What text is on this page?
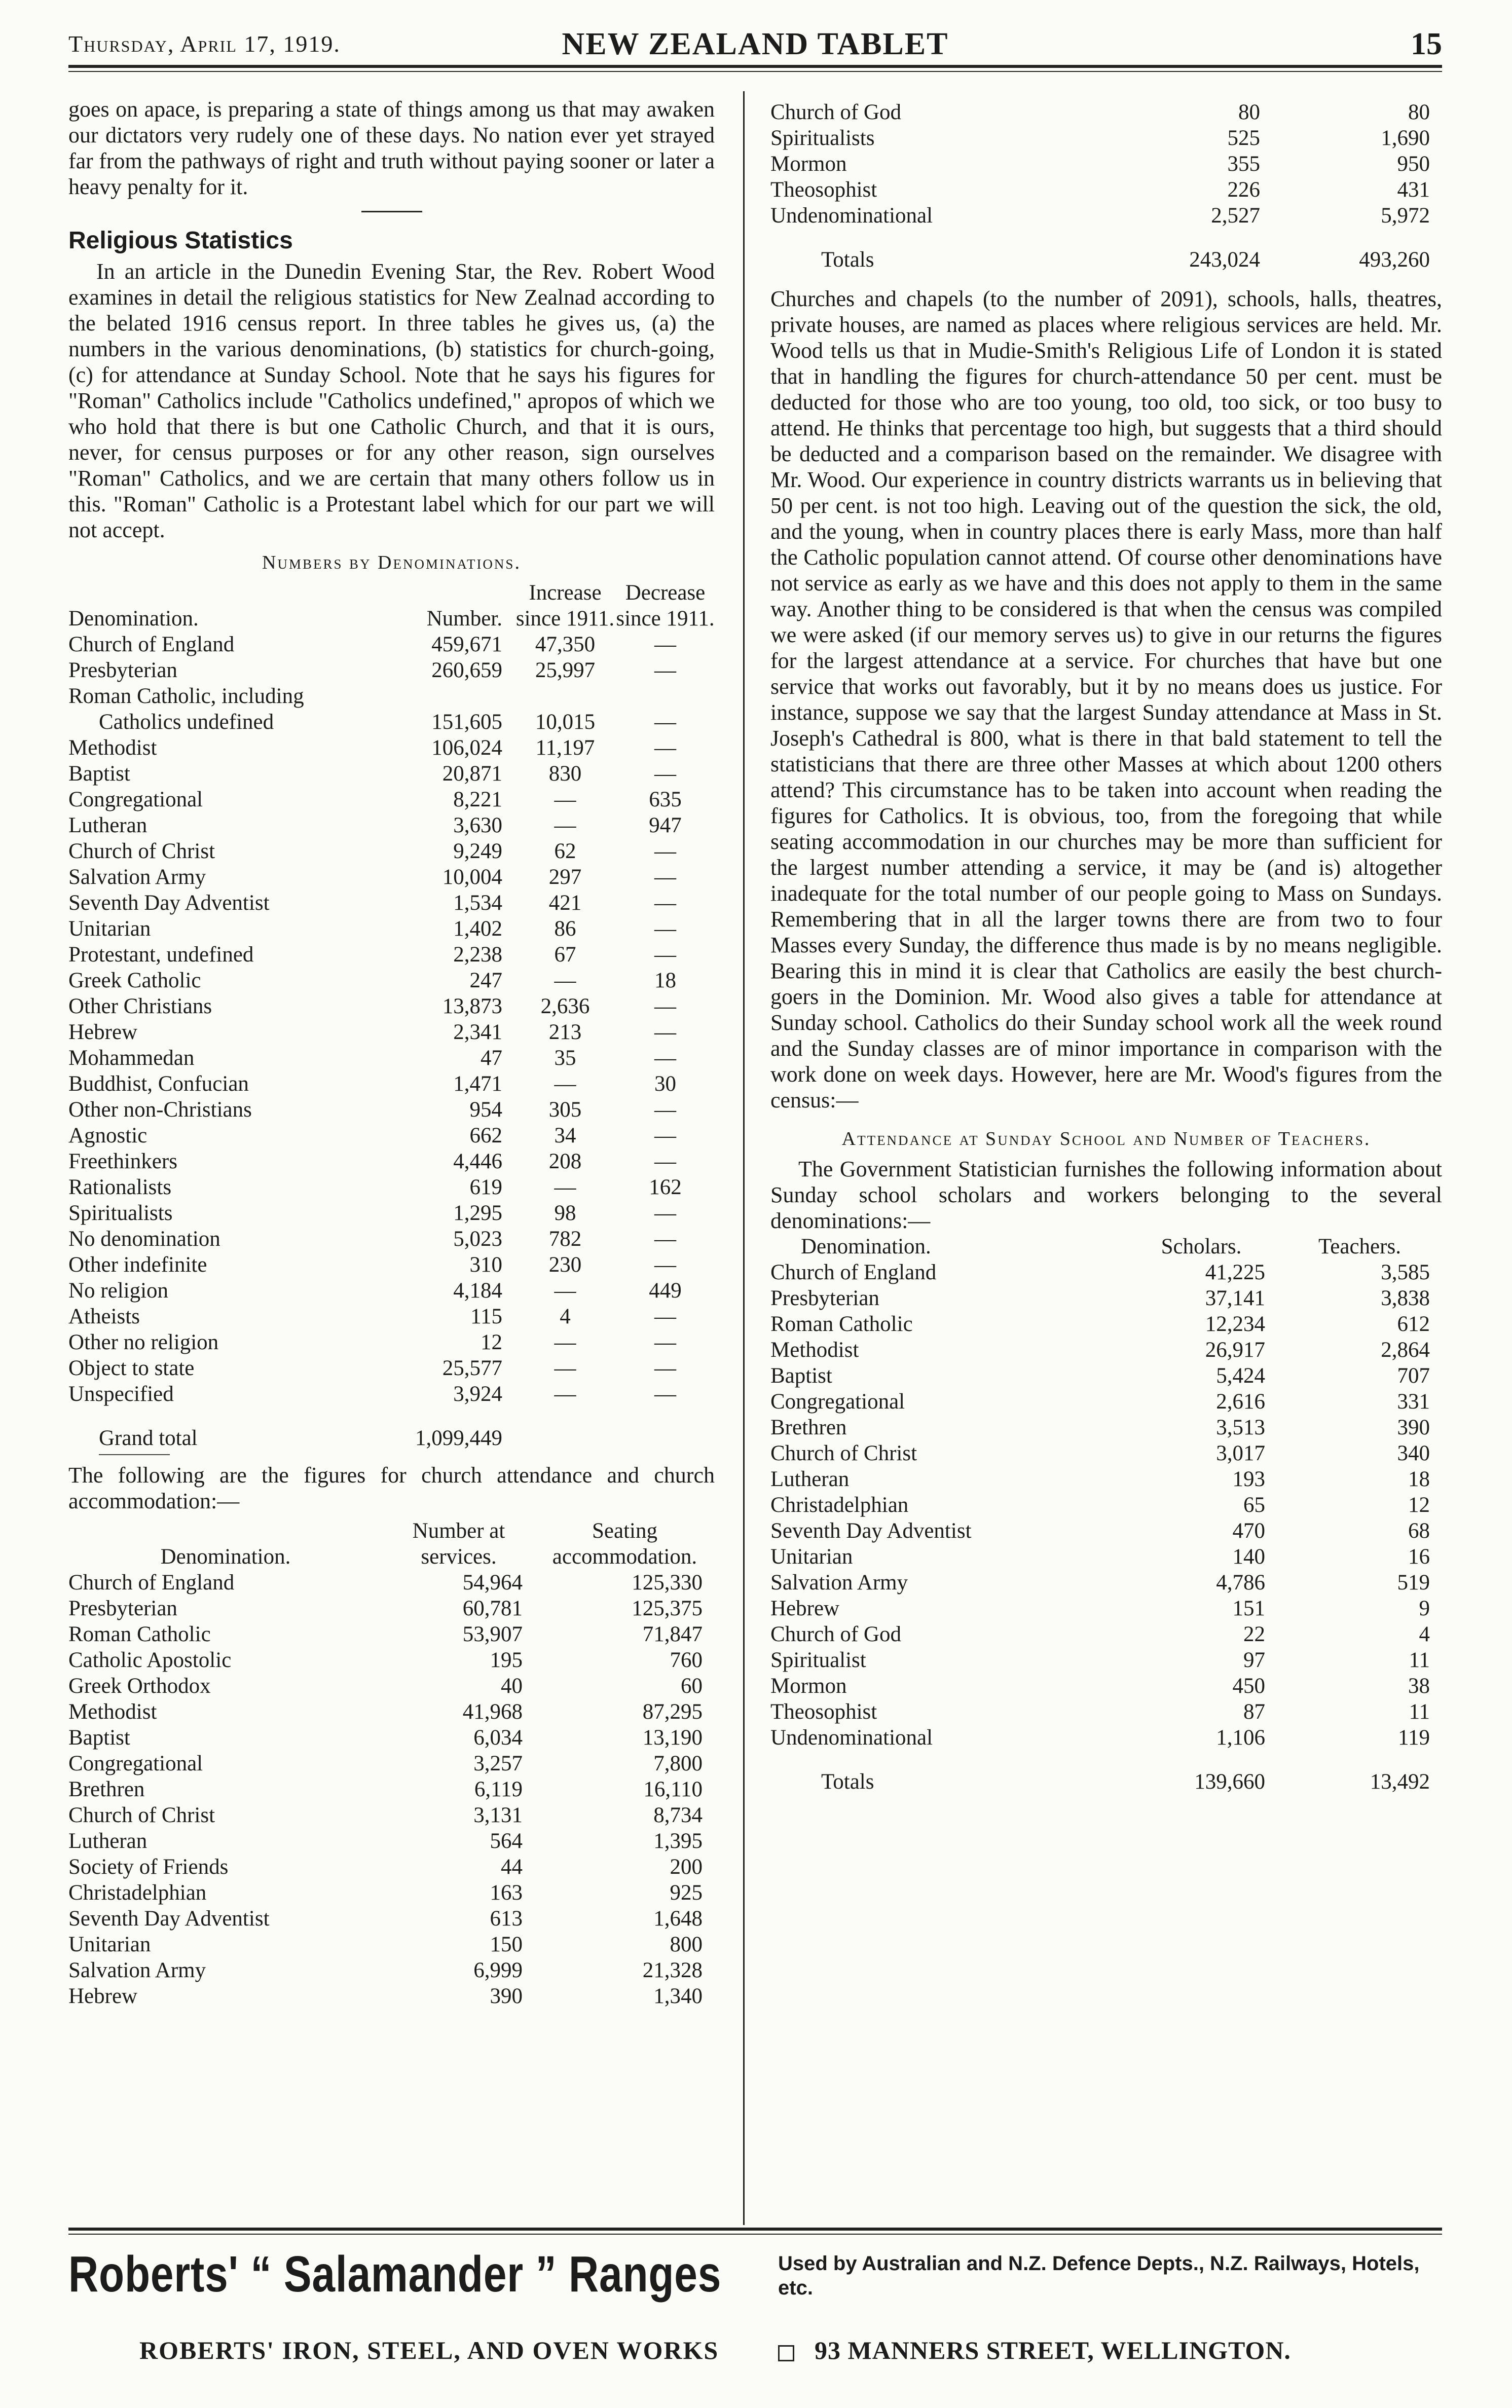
Thursday, April 17, 1919.	NEW ZEALAND TABLET	15

goes on apace, is preparing a state of things among us that may awaken our dictators very rudely one of these days. No nation ever yet strayed far from the pathways of right and truth without paying sooner or later a heavy penalty for it.

Religious Statistics

In an article in the Dunedin Evening Star, the Rev. Robert Wood examines in detail the religious statistics for New Zealnad according to the belated 1916 census report. In three tables he gives us, (a) the numbers in the various denominations, (b) statistics for church-going, (c) for attendance at Sunday School. Note that he says his figures for "Roman" Catholics include "Catholics undefined," apropos of which we who hold that there is but one Catholic Church, and that it is ours, never, for census purposes or for any other reason, sign ourselves "Roman" Catholics, and we are certain that many others follow us in this. "Roman" Catholic is a Protestant label which for our part we will not accept.

Numbers by Denominations.
Denomination.	Number.	Increase since 1911.	Decrease since 1911.
Church of England	459,671	47,350	—
Presbyterian	260,659	25,997	—
Roman Catholic, including			
Catholics undefined	151,605	10,015	—
Methodist	106,024	11,197	—
Baptist	20,871	830	—
Congregational	8,221	—	635
Lutheran	3,630	—	947
Church of Christ	9,249	62	—
Salvation Army	10,004	297	—
Seventh Day Adventist	1,534	421	—
Unitarian	1,402	86	—
Protestant, undefined	2,238	67	—
Greek Catholic	247	—	18
Other Christians	13,873	2,636	—
Hebrew	2,341	213	—
Mohammedan	47	35	—
Buddhist, Confucian	1,471	—	30
Other non-Christians	954	305	—
Agnostic	662	34	—
Freethinkers	4,446	208	—
Rationalists	619	—	162
Spiritualists	1,295	98	—
No denomination	5,023	782	—
Other indefinite	310	230	—
No religion	4,184	—	449
Atheists	115	4	—
Other no religion	12	—	—
Object to state	25,577	—	—
Unspecified	3,924	—	—
Grand total	1,099,449		

The following are the figures for church attendance and church accommodation:—

Denomination.	Number at services.	Seating accommodation.
Church of England	54,964	125,330
Presbyterian	60,781	125,375
Roman Catholic	53,907	71,847
Catholic Apostolic	195	760
Greek Orthodox	40	60
Methodist	41,968	87,295
Baptist	6,034	13,190
Congregational	3,257	7,800
Brethren	6,119	16,110
Church of Christ	3,131	8,734
Lutheran	564	1,395
Society of Friends	44	200
Christadelphian	163	925
Seventh Day Adventist	613	1,648
Unitarian	150	800
Salvation Army	6,999	21,328
Hebrew	390	1,340
Church of God	80	80
Spiritualists	525	1,690
Mormon	355	950
Theosophist	226	431
Undenominational	2,527	5,972
Totals	243,024	493,260

Churches and chapels (to the number of 2091), schools, halls, theatres, private houses, are named as places where religious services are held. Mr. Wood tells us that in Mudie-Smith's Religious Life of London it is stated that in handling the figures for church-attendance 50 per cent. must be deducted for those who are too young, too old, too sick, or too busy to attend. He thinks that percentage too high, but suggests that a third should be deducted and a comparison based on the remainder. We disagree with Mr. Wood. Our experience in country districts warrants us in believing that 50 per cent. is not too high. Leaving out of the question the sick, the old, and the young, when in country places there is early Mass, more than half the Catholic population cannot attend. Of course other denominations have not service as early as we have and this does not apply to them in the same way. Another thing to be considered is that when the census was compiled we were asked (if our memory serves us) to give in our returns the figures for the largest attendance at a service. For churches that have but one service that works out favorably, but it by no means does us justice. For instance, suppose we say that the largest Sunday attendance at Mass in St. Joseph's Cathedral is 800, what is there in that bald statement to tell the statisticians that there are three other Masses at which about 1200 others attend? This circumstance has to be taken into account when reading the figures for Catholics. It is obvious, too, from the foregoing that while seating accommodation in our churches may be more than sufficient for the largest number attending a service, it may be (and is) altogether inadequate for the total number of our people going to Mass on Sundays. Remembering that in all the larger towns there are from two to four Masses every Sunday, the difference thus made is by no means negligible. Bearing this in mind it is clear that Catholics are easily the best church-goers in the Dominion. Mr. Wood also gives a table for attendance at Sunday school. Catholics do their Sunday school work all the week round and the Sunday classes are of minor importance in comparison with the work done on week days. However, here are Mr. Wood's figures from the census:—

Attendance at Sunday School and Number of Teachers.

The Government Statistician furnishes the following information about Sunday school scholars and workers belonging to the several denominations:—

Denomination.	Scholars.	Teachers.
Church of England	41,225	3,585
Presbyterian	37,141	3,838
Roman Catholic	12,234	612
Methodist	26,917	2,864
Baptist	5,424	707
Congregational	2,616	331
Brethren	3,513	390
Church of Christ	3,017	340
Lutheran	193	18
Christadelphian	65	12
Seventh Day Adventist	470	68
Unitarian	140	16
Salvation Army	4,786	519
Hebrew	151	9
Church of God	22	4
Spiritualist	97	11
Mormon	450	38
Theosophist	87	11
Undenominational	1,106	119
Totals	139,660	13,492
Roberts' “ Salamander ” Ranges	Used by Australian and N.Z. Defence Depts., N.Z. Railways, Hotels, etc.
ROBERTS' IRON, STEEL, AND OVEN WORKS	93 MANNERS STREET, WELLINGTON.
